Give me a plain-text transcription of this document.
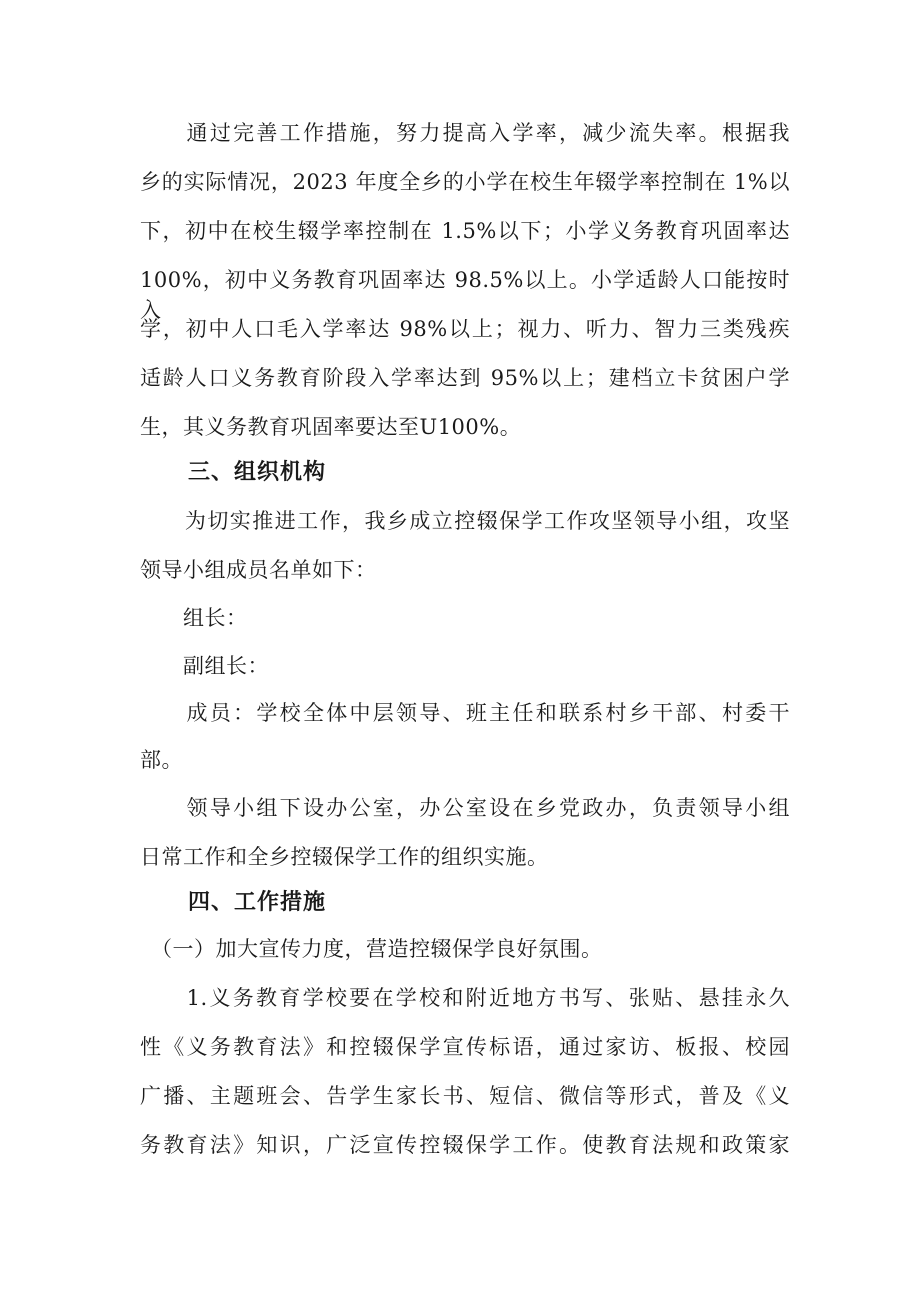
　　通过完善工作措施，努力提高入学率，减少流失率。根据我
乡的实际情况，2023 年度全乡的小学在校生年辍学率控制在 1%以
下，初中在校生辍学率控制在 1.5%以下；小学义务教育巩固率达
100%，初中义务教育巩固率达 98.5%以上。小学适龄人口能按时入
学，初中人口毛入学率达 98%以上；视力、听力、智力三类残疾
适龄人口义务教育阶段入学率达到 95%以上；建档立卡贫困户学
生，其义务教育巩固率要达至U100%。
三、组织机构
　　为切实推进工作，我乡成立控辍保学工作攻坚领导小组，攻坚
领导小组成员名单如下：
　　组长：
　　副组长：
　　成员：学校全体中层领导、班主任和联系村乡干部、村委干
部。
　　领导小组下设办公室，办公室设在乡党政办，负责领导小组
日常工作和全乡控辍保学工作的组织实施。
四、工作措施
　（一）加大宣传力度，营造控辍保学良好氛围。
　　1.义务教育学校要在学校和附近地方书写、张贴、悬挂永久
性《义务教育法》和控辍保学宣传标语，通过家访、板报、校园
广播、主题班会、告学生家长书、短信、微信等形式，普及《义
务教育法》知识，广泛宣传控辍保学工作。使教育法规和政策家
